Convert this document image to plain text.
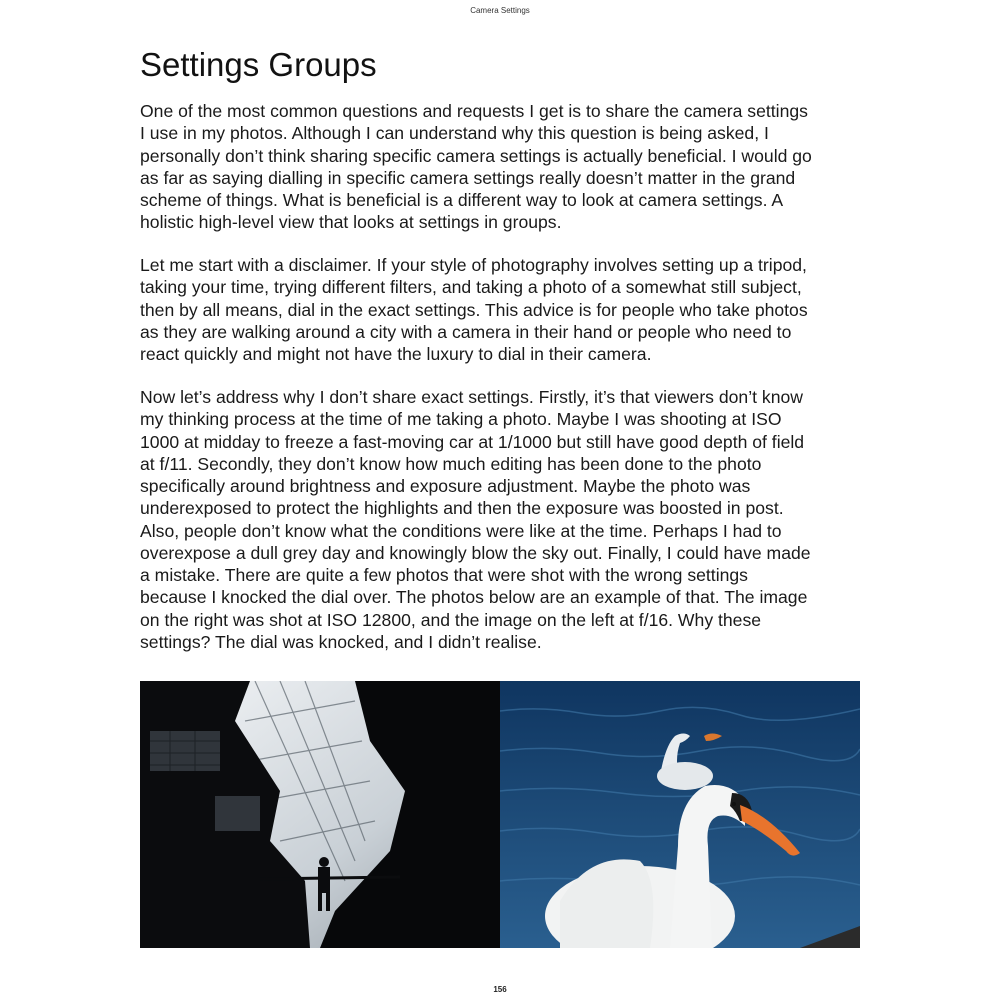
Camera Settings
Settings Groups

One of the most common questions and requests I get is to share the camera settings

I use in my photos. Although I can understand why this question is being asked, I

personally don’t think sharing specific camera settings is actually beneficial. I would go

as far as saying dialling in specific camera settings really doesn’t matter in the grand

scheme of things. What is beneficial is a different way to look at camera settings. A

holistic high-level view that looks at settings in groups.

Let me start with a disclaimer. If your style of photography involves setting up a tripod,

taking your time, trying different filters, and taking a photo of a somewhat still subject,

then by all means, dial in the exact settings. This advice is for people who take photos

as they are walking around a city with a camera in their hand or people who need to

react quickly and might not have the luxury to dial in their camera.

Now let’s address why I don’t share exact settings. Firstly, it’s that viewers don’t know

my thinking process at the time of me taking a photo. Maybe I was shooting at ISO

1000 at midday to freeze a fast-moving car at 1/1000 but still have good depth of field

at f/11. Secondly, they don’t know how much editing has been done to the photo

specifically around brightness and exposure adjustment. Maybe the photo was

underexposed to protect the highlights and then the exposure was boosted in post.

Also, people don’t know what the conditions were like at the time. Perhaps I had to

overexpose a dull grey day and knowingly blow the sky out. Finally, I could have made

a mistake. There are quite a few photos that were shot with the wrong settings

because I knocked the dial over. The photos below are an example of that. The image

on the right was shot at ISO 12800, and the image on the left at f/16. Why these

settings? The dial was knocked, and I didn’t realise.

156
